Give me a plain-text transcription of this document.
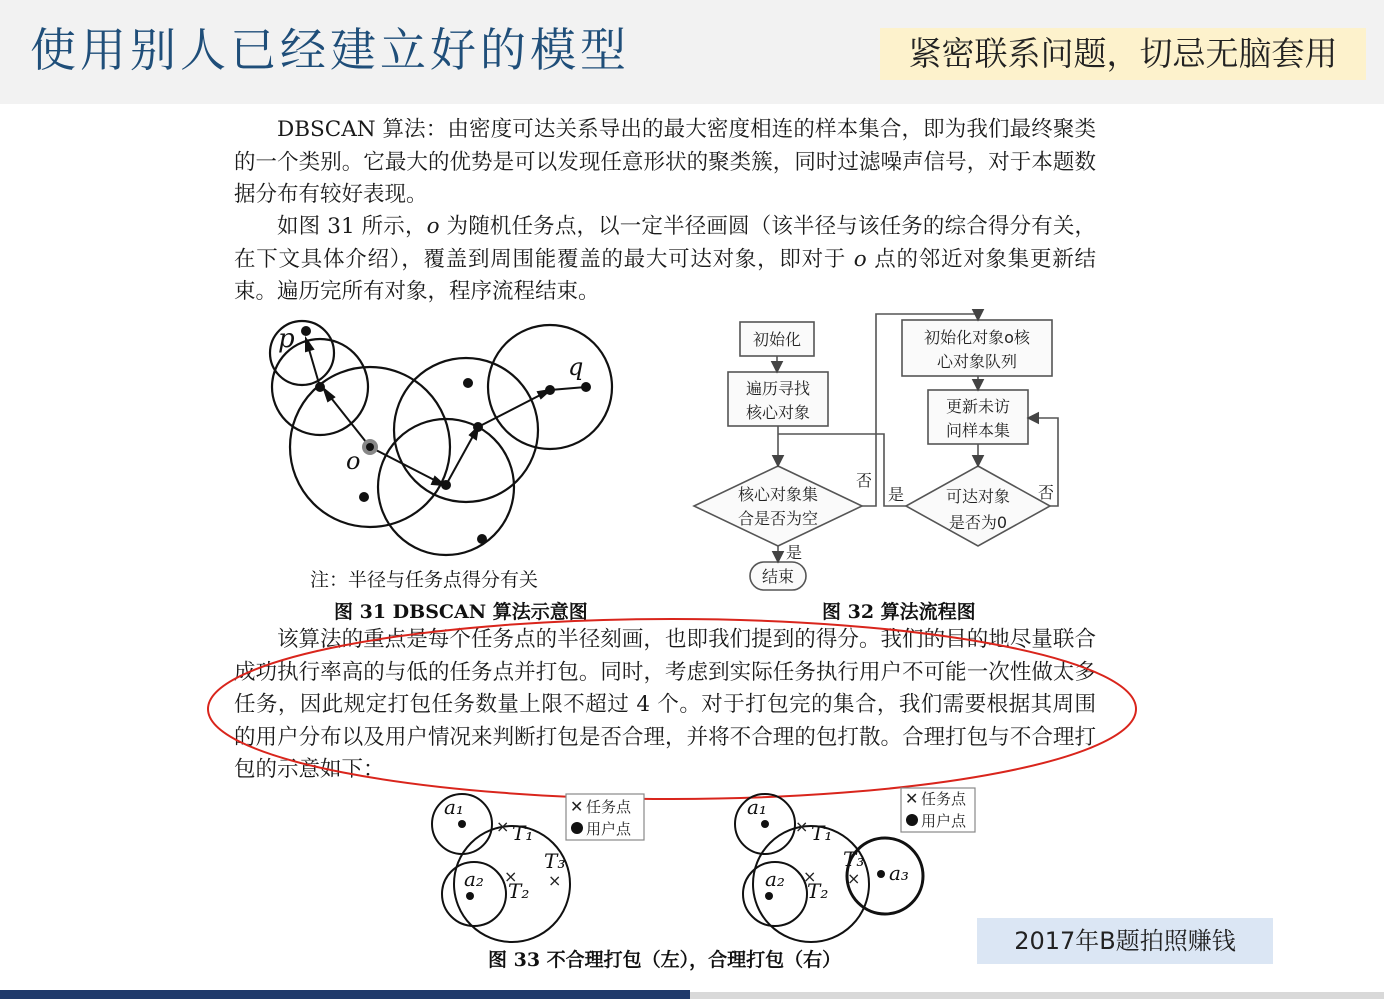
使用别人已经建立好的模型	紧密联系问题，切忌无脑套用

DBSCAN 算法：由密度可达关系导出的最大密度相连的样本集合，即为我们最终聚类的一个类别。它最大的优势是可以发现任意形状的聚类簇，同时过滤噪声信号，对于本题数据分布有较好表现。

如图 31 所示，o 为随机任务点，以一定半径画圆（该半径与该任务的综合得分有关，在下文具体介绍），覆盖到周围能覆盖的最大可达对象，即对于 o 点的邻近对象集更新结束。遍历完所有对象，程序流程结束。

p
q
o
注：半径与任务点得分有关
图 31 DBSCAN 算法示意图
初始化
遍历寻找
核心对象
核心对象集
合是否为空
结束
初始化对象o核
心对象队列
更新未访
问样本集
可达对象
是否为0
否
是
是
否
图 32 算法流程图

该算法的重点是每个任务点的半径刻画，也即我们提到的得分。我们的目的地尽量联合成功执行率高的与低的任务点并打包。同时，考虑到实际任务执行用户不可能一次性做太多任务，因此规定打包任务数量上限不超过 4 个。对于打包完的集合，我们需要根据其周围的用户分布以及用户情况来判断打包是否合理，并将不合理的包打散。合理打包与不合理打包的示意如下：

a₁
a₂
T₁
T₂
T₃
×
× ×
✕ 任务点
用户点
a₁
a₂	a₃
T₁
T₂
T₃
×
× ×
✕ 任务点
用户点
图 33 不合理打包（左），合理打包（右）
2017年B题拍照赚钱
